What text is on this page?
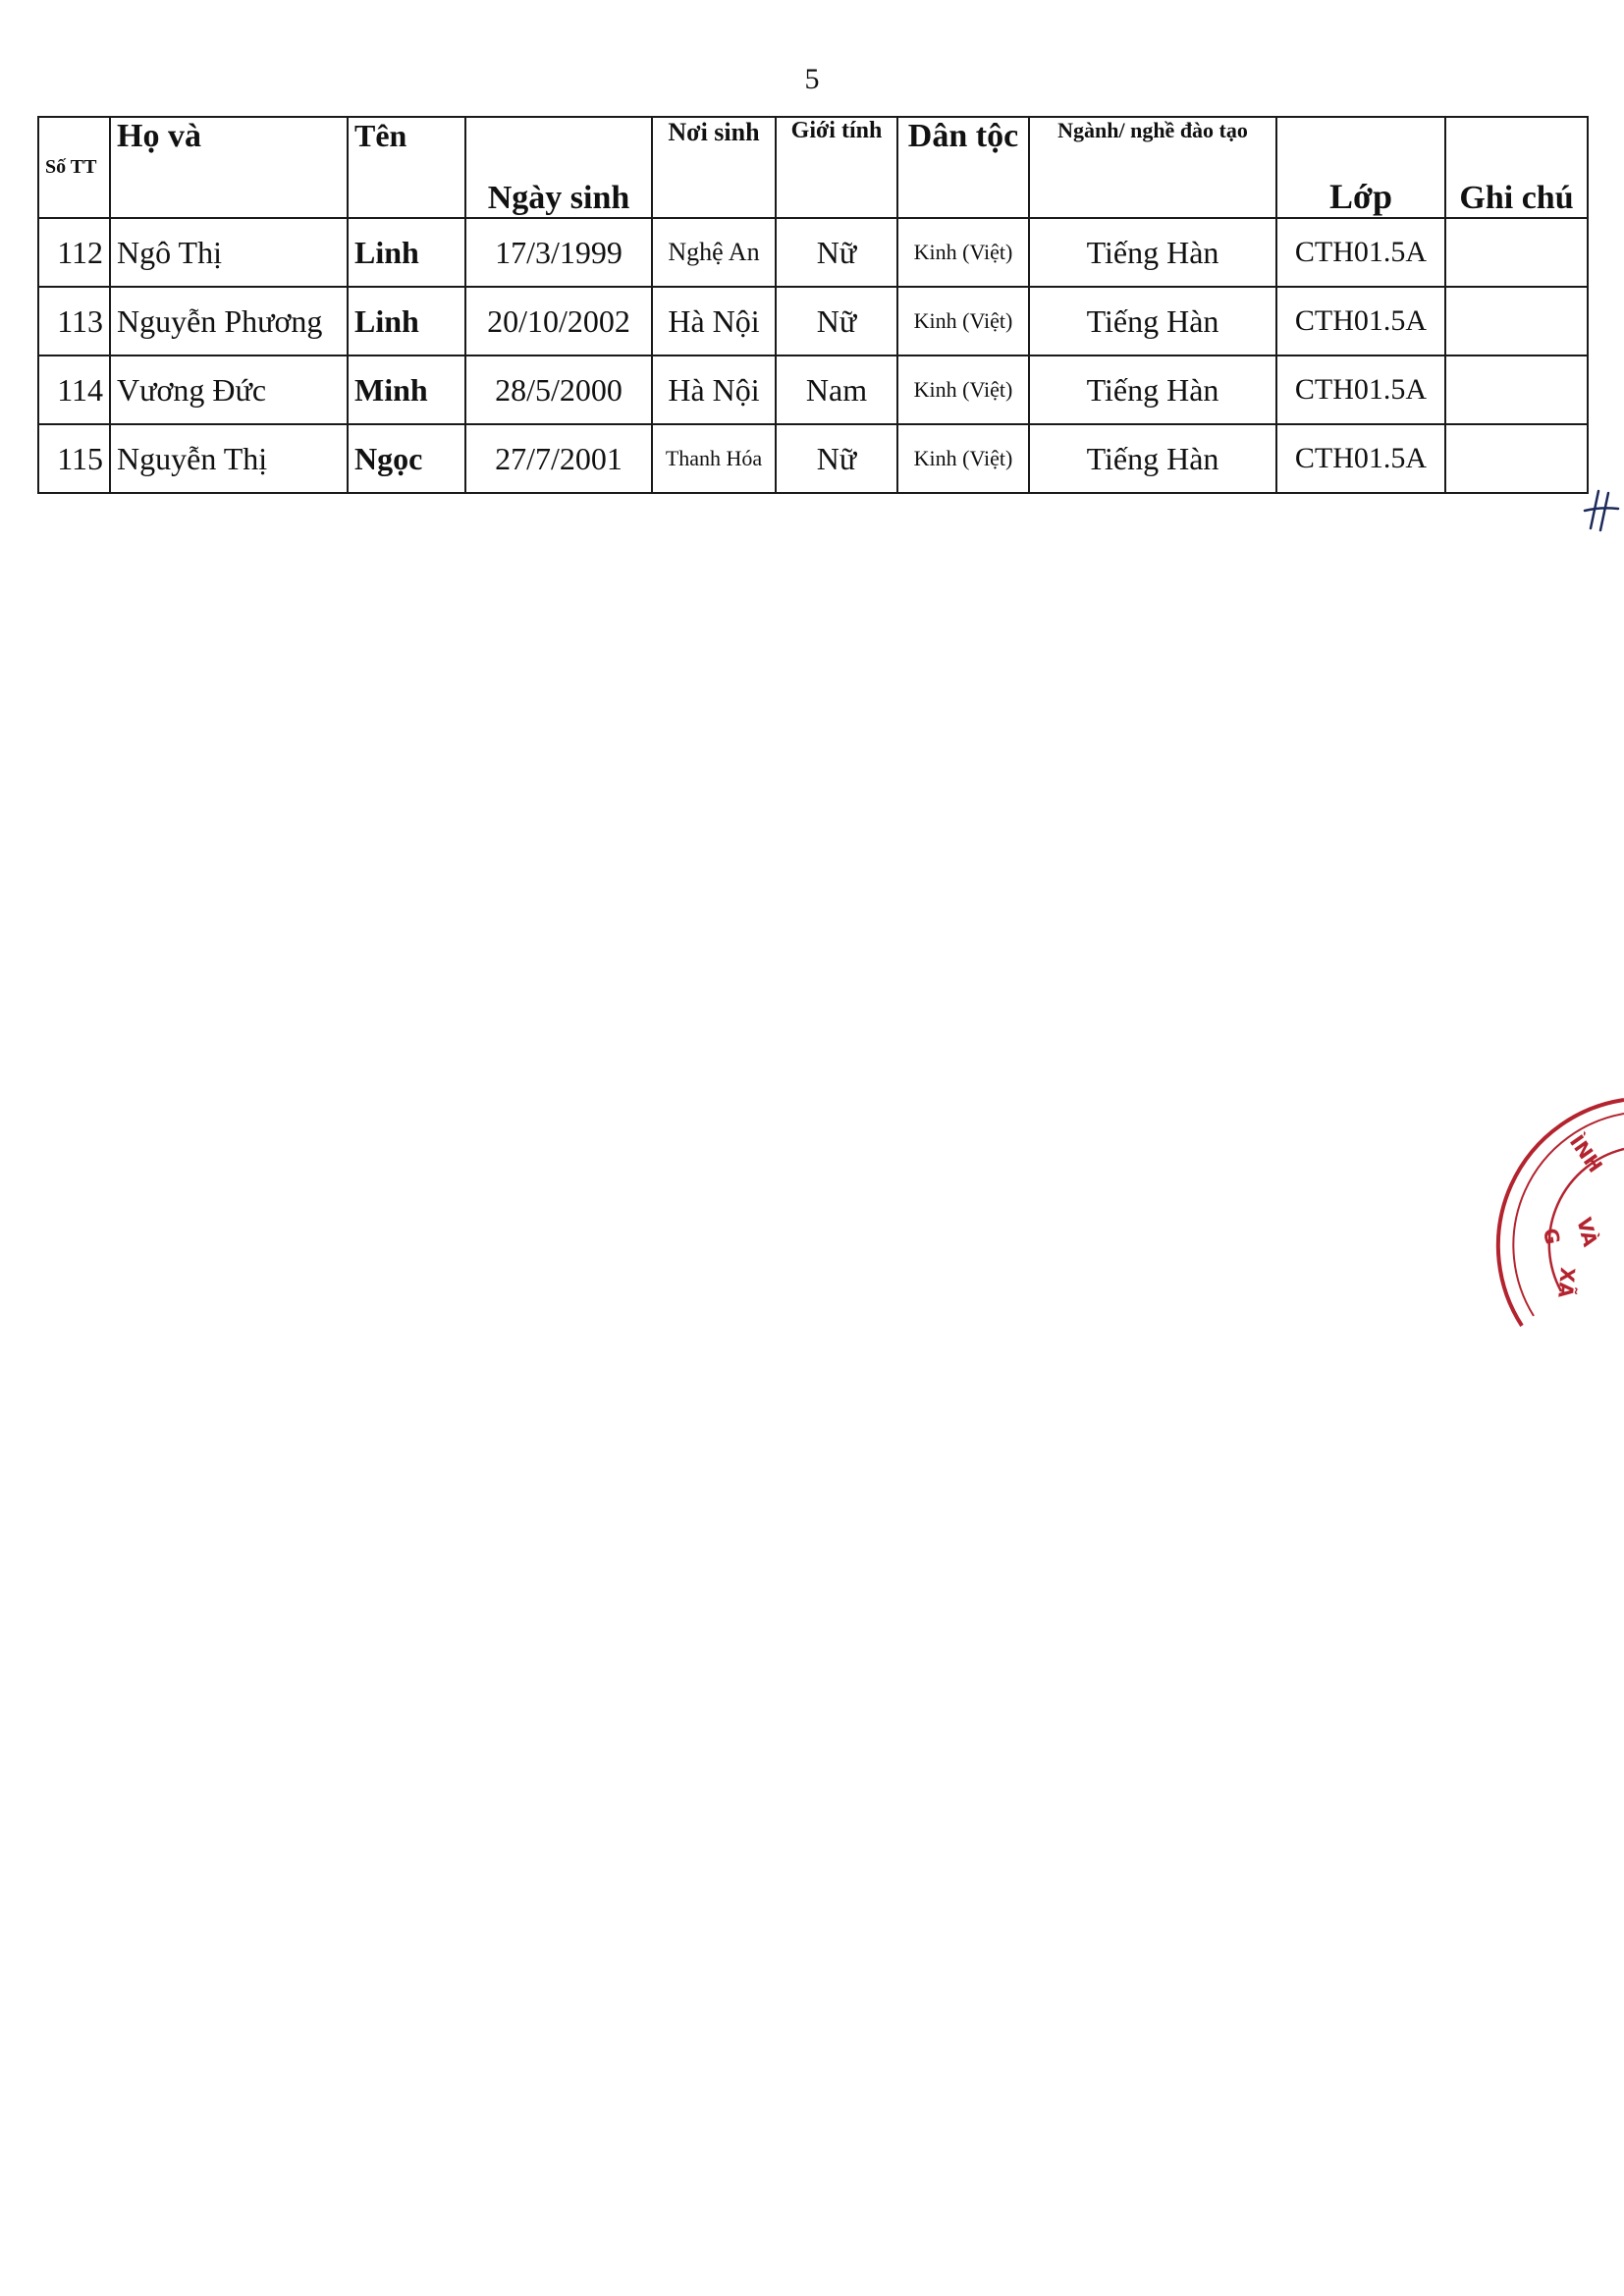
5
Số TT	Họ và	Tên	Ngày sinh	Nơi sinh	Giới tính	Dân tộc	Ngành/ nghề đào tạo	Lớp	Ghi chú
112	Ngô Thị	Linh	17/3/1999	Nghệ An	Nữ	Kinh (Việt)	Tiếng Hàn	CTH01.5A	
113	Nguyễn Phương	Linh	20/10/2002	Hà Nội	Nữ	Kinh (Việt)	Tiếng Hàn	CTH01.5A	
114	Vương Đức	Minh	28/5/2000	Hà Nội	Nam	Kinh (Việt)	Tiếng Hàn	CTH01.5A	
115	Nguyễn Thị	Ngọc	27/7/2001	Thanh Hóa	Nữ	Kinh (Việt)	Tiếng Hàn	CTH01.5A	
ÌNH
VÀ
G
XÃ
